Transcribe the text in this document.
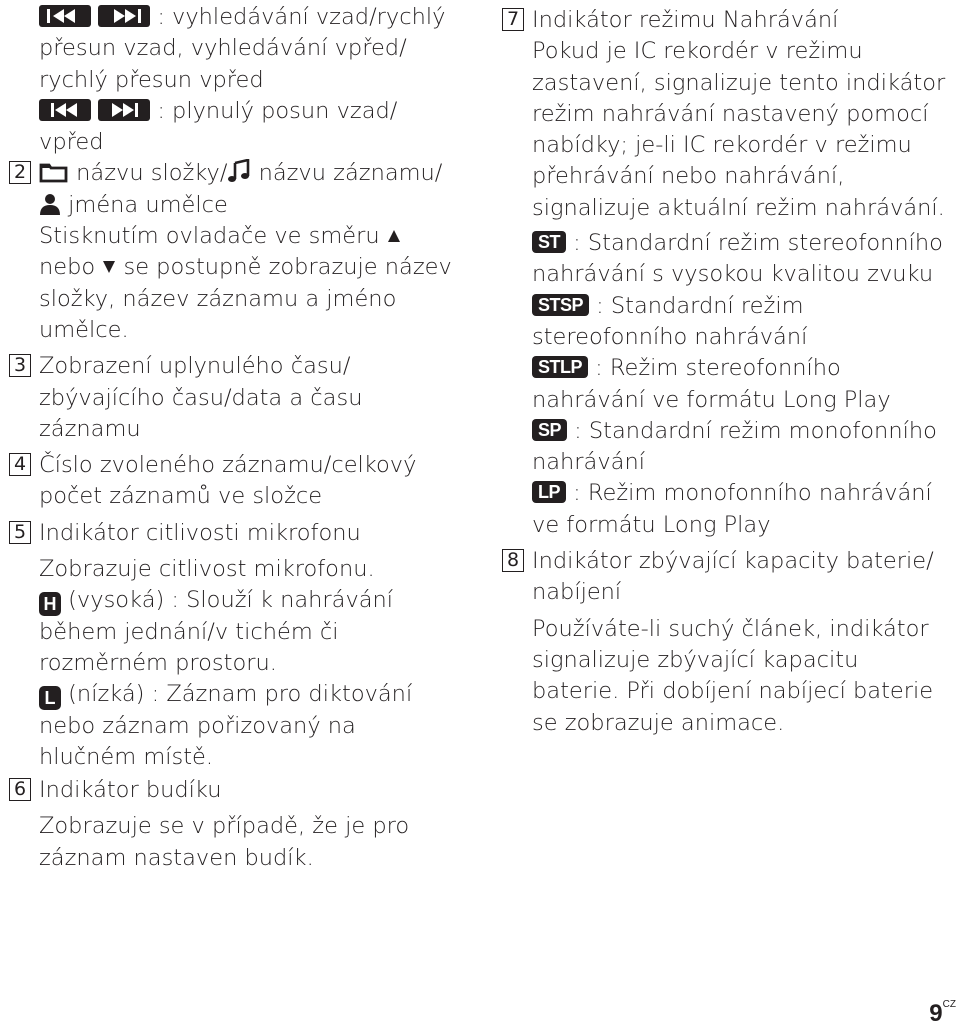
: vyhledávání vzad/rychlý přesun vzad, vyhledávání vpřed/ rychlý přesun vpřed

: plynulý posun vzad/ vpřed

2 názvu složky/ názvu záznamu/
jména umělce
Stisknutím ovladače ve směru
nebo se postupně zobrazuje název složky, název záznamu a jméno umělce.

3 Zobrazení uplynulého času/ zbývajícího času/data a času záznamu

4 Číslo zvoleného záznamu/celkový počet záznamů ve složce

5 Indikátor citlivosti mikrofonu

Zobrazuje citlivost mikrofonu.
H (vysoká) : Slouží k nahrávání během jednání/v tichém či rozměrném prostoru.
L (nízká) : Záznam pro diktování nebo záznam pořizovaný na hlučném místě.

6 Indikátor budíku

Zobrazuje se v případě, že je pro záznam nastaven budík.

7 Indikátor režimu Nahrávání
Pokud je IC rekordér v režimu zastavení, signalizuje tento indikátor režim nahrávání nastavený pomocí nabídky; je-li IC rekordér v režimu přehrávání nebo nahrávání, signalizuje aktuální režim nahrávání.

ST : Standardní režim stereofonního nahrávání s vysokou kvalitou zvuku

STSP : Standardní režim stereofonního nahrávání

STLP : Režim stereofonního nahrávání ve formátu Long Play

SP : Standardní režim monofonního nahrávání

LP : Režim monofonního nahrávání ve formátu Long Play

8 Indikátor zbývající kapacity baterie/ nabíjení

Používáte-li suchý článek, indikátor signalizuje zbývající kapacitu baterie. Při dobíjení nabíjecí baterie se zobrazuje animace.

$9^{CZ}$
